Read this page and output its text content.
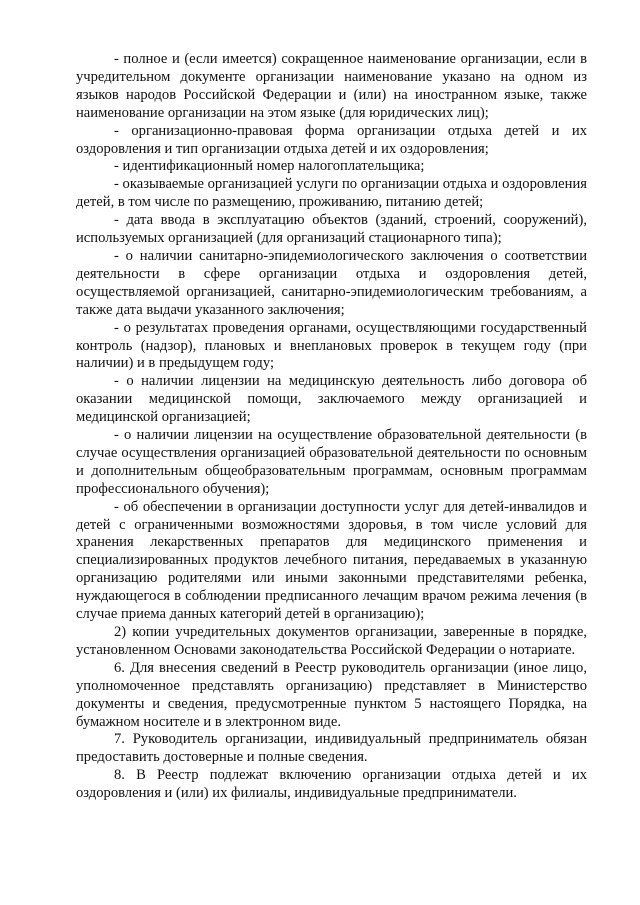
- полное и (если имеется) сокращенное наименование организации, если в учредительном документе организации наименование указано на одном из языков народов Российской Федерации и (или) на иностранном языке, также наименование организации на этом языке (для юридических лиц);

- организационно-правовая форма организации отдыха детей и их оздоровления и тип организации отдыха детей и их оздоровления;

- идентификационный номер налогоплательщика;

- оказываемые организацией услуги по организации отдыха и оздоровления детей, в том числе по размещению, проживанию, питанию детей;

- дата ввода в эксплуатацию объектов (зданий, строений, сооружений), используемых организацией (для организаций стационарного типа);

- о наличии санитарно-эпидемиологического заключения о соответствии деятельности в сфере организации отдыха и оздоровления детей, осуществляемой организацией, санитарно-эпидемиологическим требованиям, а также дата выдачи указанного заключения;

- о результатах проведения органами, осуществляющими государственный контроль (надзор), плановых и внеплановых проверок в текущем году (при наличии) и в предыдущем году;

- о наличии лицензии на медицинскую деятельность либо договора об оказании медицинской помощи, заключаемого между организацией и медицинской организацией;

- о наличии лицензии на осуществление образовательной деятельности (в случае осуществления организацией образовательной деятельности по основным и дополнительным общеобразовательным программам, основным программам профессионального обучения);

- об обеспечении в организации доступности услуг для детей-инвалидов и детей с ограниченными возможностями здоровья, в том числе условий для хранения лекарственных препаратов для медицинского применения и специализированных продуктов лечебного питания, передаваемых в указанную организацию родителями или иными законными представителями ребенка, нуждающегося в соблюдении предписанного лечащим врачом режима лечения (в случае приема данных категорий детей в организацию);

2) копии учредительных документов организации, заверенные в порядке, установленном Основами законодательства Российской Федерации о нотариате.

6. Для внесения сведений в Реестр руководитель организации (иное лицо, уполномоченное представлять организацию) представляет в Министерство документы и сведения, предусмотренные пунктом 5 настоящего Порядка, на бумажном носителе и в электронном виде.

7. Руководитель организации, индивидуальный предприниматель обязан предоставить достоверные и полные сведения.

8. В Реестр подлежат включению организации отдыха детей и их оздоровления и (или) их филиалы, индивидуальные предприниматели.
